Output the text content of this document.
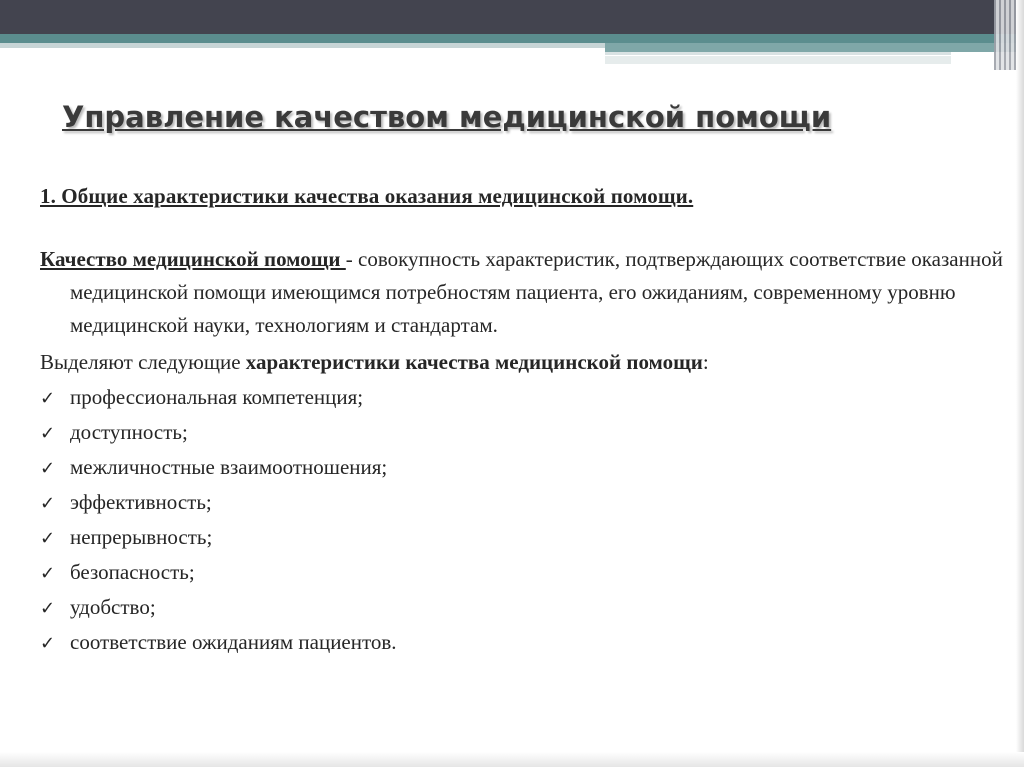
Управление качеством медицинской помощи
1. Общие характеристики качества оказания медицинской помощи.

Качество медицинской помощи - совокупность характеристик, подтверждающих соответствие оказанной медицинской помощи имеющимся потребностям пациента, его ожиданиям, современному уровню медицинской науки, технологиям и стандартам.

Выделяют следующие характеристики качества медицинской помощи:

✓ профессиональная компетенция;
✓ доступность;
✓ межличностные взаимоотношения;
✓ эффективность;
✓ непрерывность;
✓ безопасность;
✓ удобство;
✓ соответствие ожиданиям пациентов.
